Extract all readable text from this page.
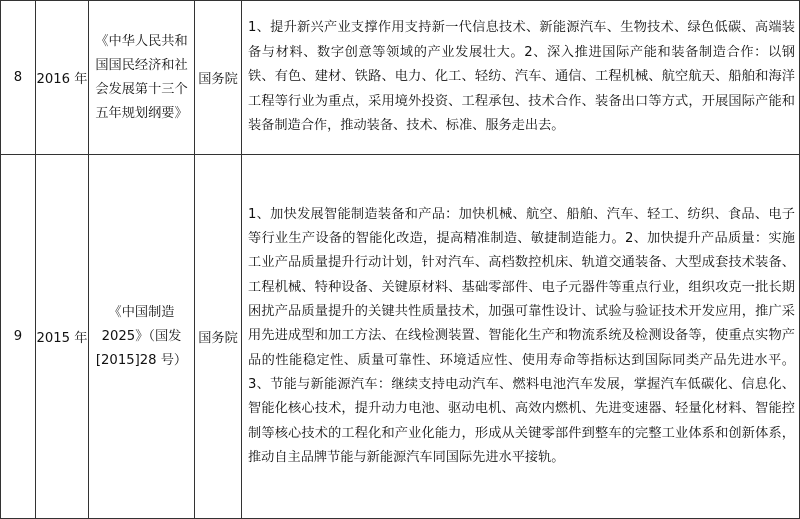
8	2016 年	《中华人民共和国国民经济和社会发展第十三个五年规划纲要》	国务院	1、提升新兴产业支撑作用支持新一代信息技术、新能源汽车、生物技术、绿色低碳、高端装备与材料、数字创意等领域的产业发展壮大。2、深入推进国际产能和装备制造合作：以钢铁、有色、建材、铁路、电力、化工、轻纺、汽车、通信、工程机械、航空航天、船舶和海洋工程等行业为重点，采用境外投资、工程承包、技术合作、装备出口等方式，开展国际产能和装备制造合作，推动装备、技术、标准、服务走出去。
9	2015 年	《中国制造 2025》（国发[2015]28 号）	国务院	1、加快发展智能制造装备和产品：加快机械、航空、船舶、汽车、轻工、纺织、食品、电子等行业生产设备的智能化改造，提高精准制造、敏捷制造能力。2、加快提升产品质量：实施工业产品质量提升行动计划，针对汽车、高档数控机床、轨道交通装备、大型成套技术装备、工程机械、特种设备、关键原材料、基础零部件、电子元器件等重点行业，组织攻克一批长期困扰产品质量提升的关键共性质量技术，加强可靠性设计、试验与验证技术开发应用，推广采用先进成型和加工方法、在线检测装置、智能化生产和物流系统及检测设备等，使重点实物产品的性能稳定性、质量可靠性、环境适应性、使用寿命等指标达到国际同类产品先进水平。3、节能与新能源汽车：继续支持电动汽车、燃料电池汽车发展，掌握汽车低碳化、信息化、智能化核心技术，提升动力电池、驱动电机、高效内燃机、先进变速器、轻量化材料、智能控制等核心技术的工程化和产业化能力，形成从关键零部件到整车的完整工业体系和创新体系，推动自主品牌节能与新能源汽车同国际先进水平接轨。
